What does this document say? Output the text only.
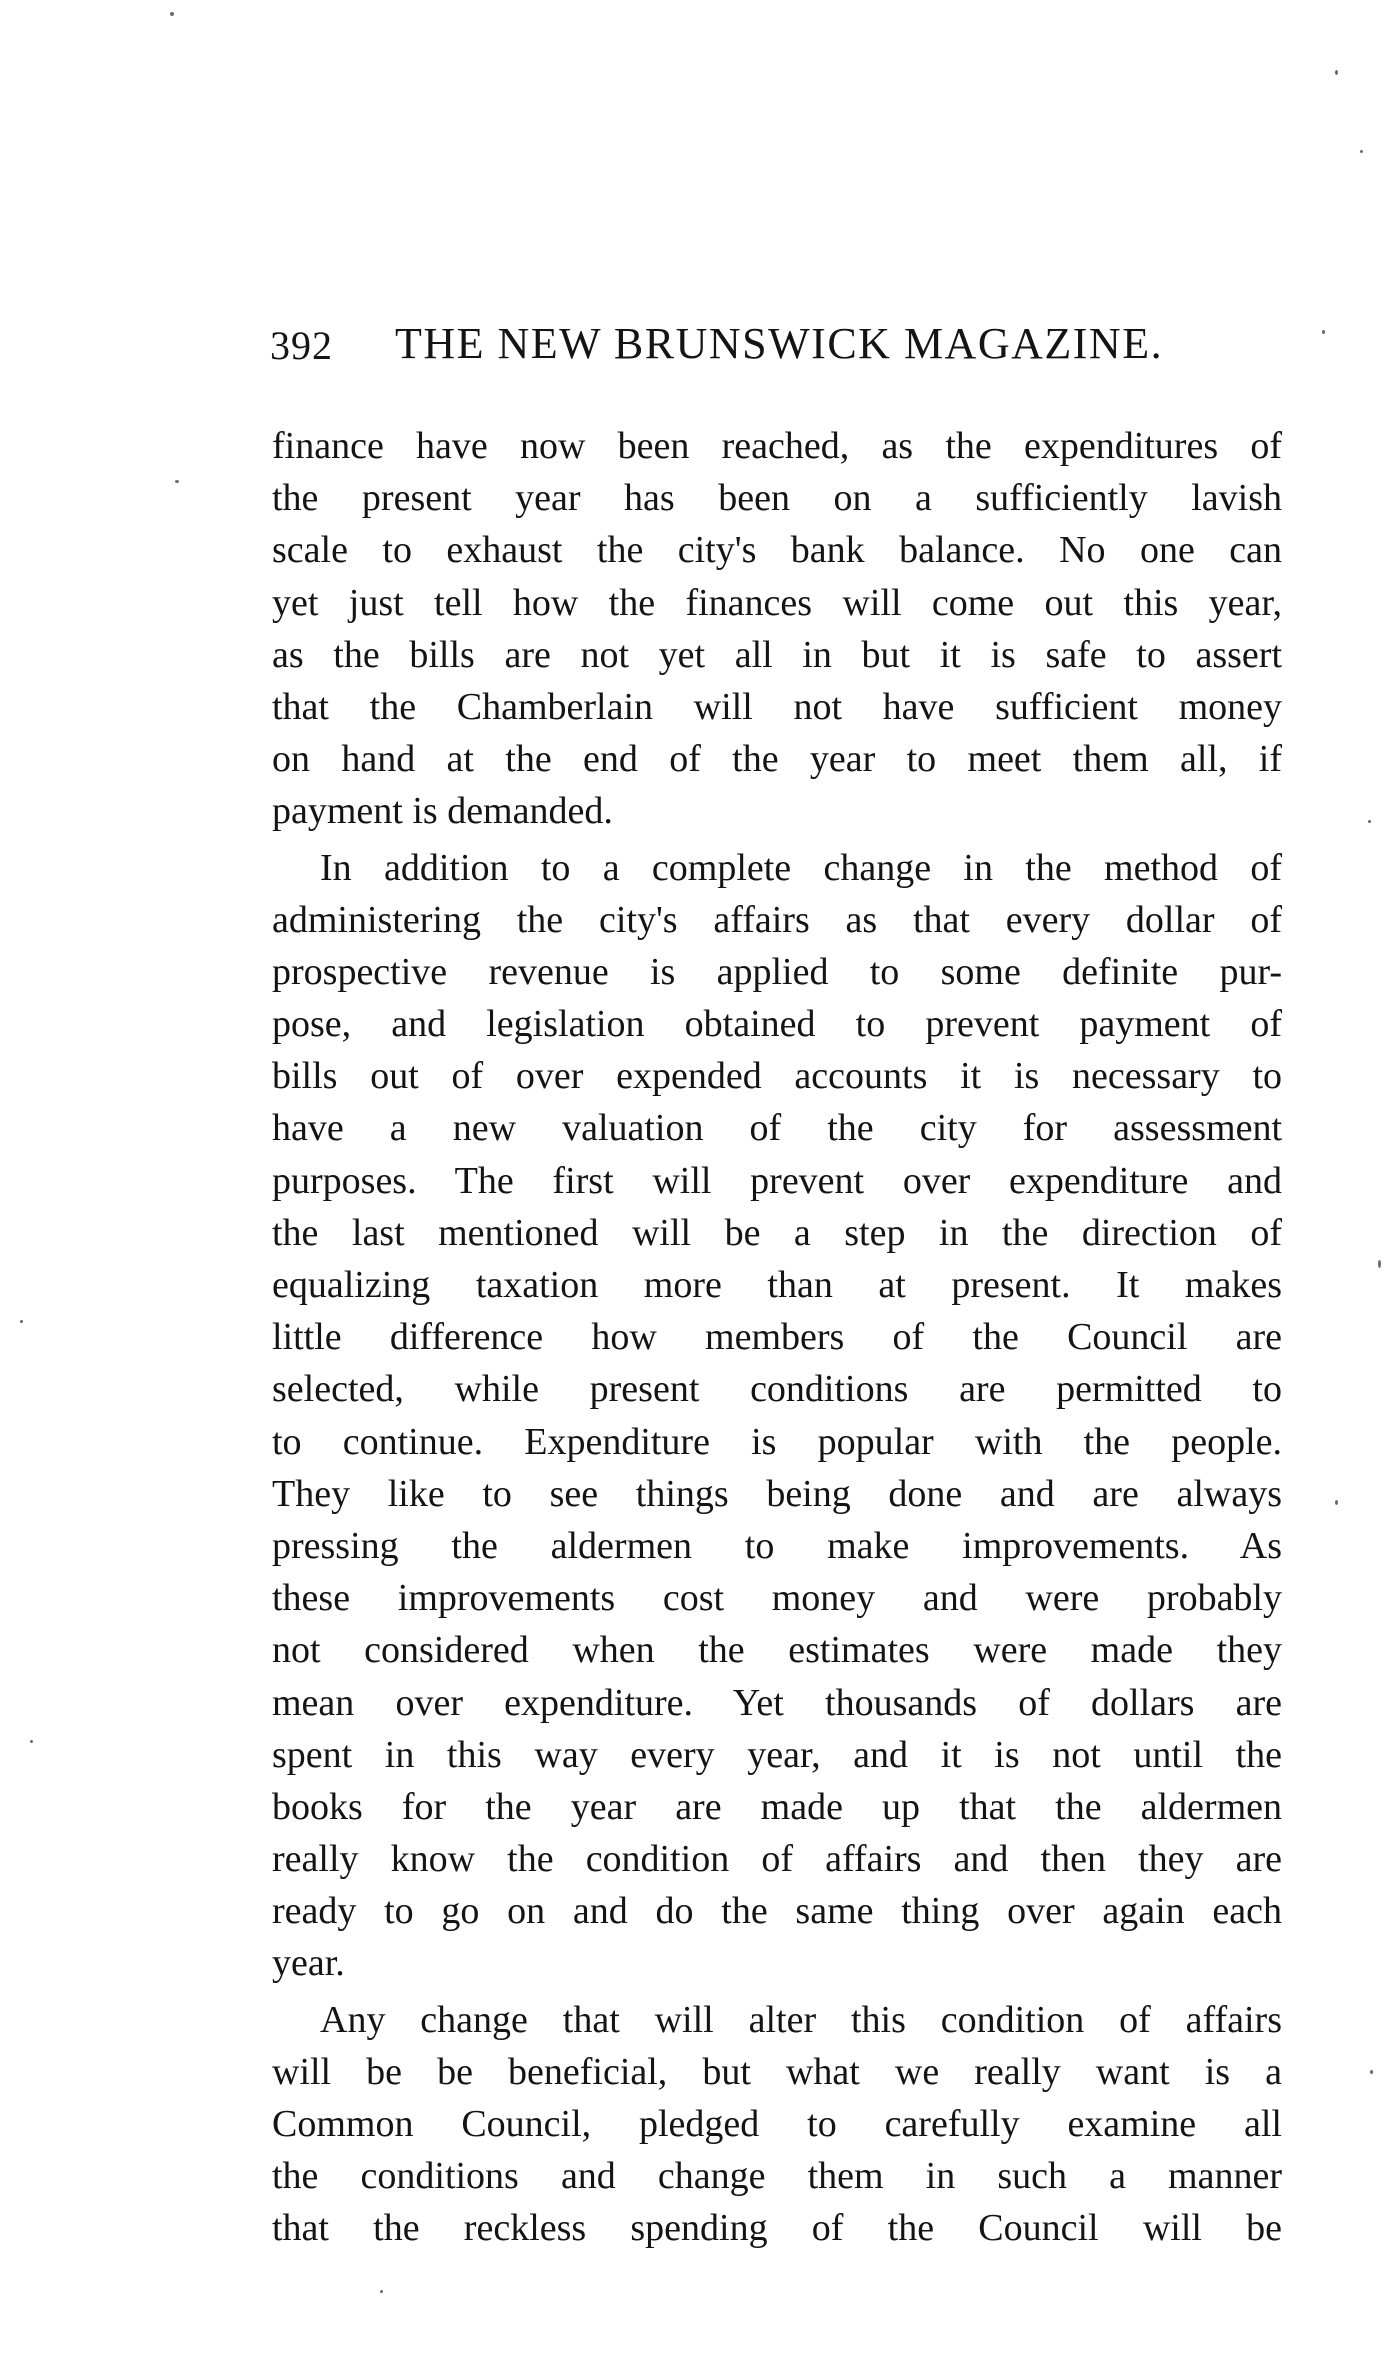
392 THE NEW BRUNSWICK MAGAZINE.
finance have now been reached, as the expenditures of
the present year has been on a sufficiently lavish
scale to exhaust the city's bank balance. No one can
yet just tell how the finances will come out this year,
as the bills are not yet all in but it is safe to assert
that the Chamberlain will not have sufficient money
on hand at the end of the year to meet them all, if
payment is demanded.
In addition to a complete change in the method of
administering the city's affairs as that every dollar of
prospective revenue is applied to some definite pur-
pose, and legislation obtained to prevent payment of
bills out of over expended accounts it is necessary to
have a new valuation of the city for assessment
purposes. The first will prevent over expenditure and
the last mentioned will be a step in the direction of
equalizing taxation more than at present. It makes
little difference how members of the Council are
selected, while present conditions are permitted to
to continue. Expenditure is popular with the people.
They like to see things being done and are always
pressing the aldermen to make improvements. As
these improvements cost money and were probably
not considered when the estimates were made they
mean over expenditure. Yet thousands of dollars are
spent in this way every year, and it is not until the
books for the year are made up that the aldermen
really know the condition of affairs and then they are
ready to go on and do the same thing over again each
year.
Any change that will alter this condition of affairs
will be be beneficial, but what we really want is a
Common Council, pledged to carefully examine all
the conditions and change them in such a manner
that the reckless spending of the Council will be
